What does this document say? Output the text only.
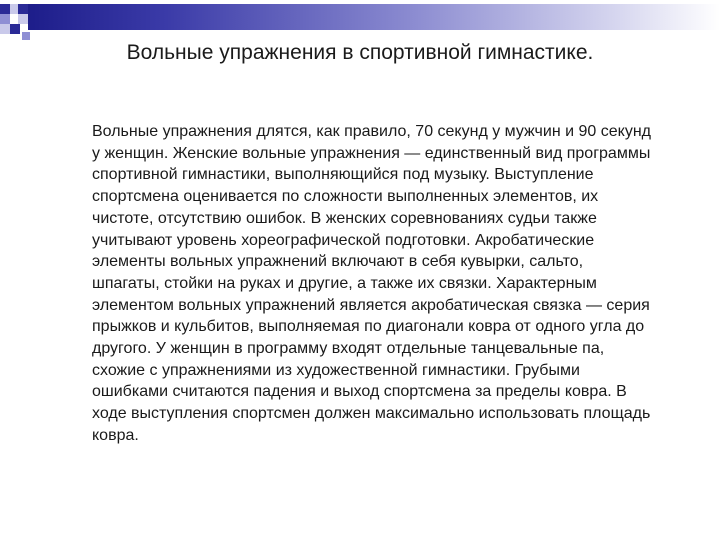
Вольные упражнения в спортивной гимнастике.
Вольные упражнения длятся, как правило, 70 секунд у мужчин и 90 секунд у женщин. Женские вольные упражнения — единственный вид программы спортивной гимнастики, выполняющийся под музыку. Выступление спортсмена оценивается по сложности выполненных элементов, их чистоте, отсутствию ошибок. В женских соревнованиях судьи также учитывают уровень хореографической подготовки. Акробатические элементы вольных упражнений включают в себя кувырки, сальто, шпагаты, стойки на руках и другие, а также их связки. Характерным элементом вольных упражнений является акробатическая связка — серия прыжков и кульбитов, выполняемая по диагонали ковра от одного угла до другого. У женщин в программу входят отдельные танцевальные па, схожие с упражнениями из художественной гимнастики. Грубыми ошибками считаются падения и выход спортсмена за пределы ковра. В ходе выступления спортсмен должен максимально использовать площадь ковра.
